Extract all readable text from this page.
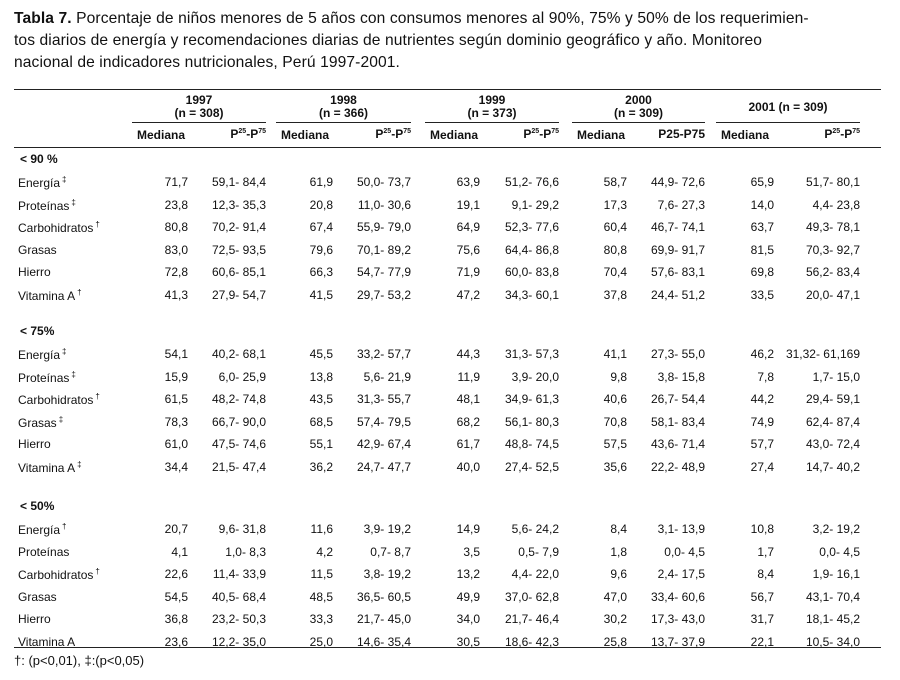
Tabla 7. Porcentaje de niños menores de 5 años con consumos menores al 90%, 75% y 50% de los requerimien-
tos diarios de energía y recomendaciones diarias de nutrientes según dominio geográfico y año. Monitoreo
nacional de indicadores nutricionales, Perú 1997-2001.
1997
(n = 308)
Mediana	$P^{25}-P^{75}$
1998
(n = 366)
Mediana	$P^{25}-P^{75}$
1999
(n = 373)
Mediana	$P^{25}-P^{75}$
2000
(n = 309)
Mediana	P25-P75
2001 (n = 309)
Mediana	$P^{25}-P^{75}$
< 90 %
Energía ‡	71,7 59,1- 84,4	61,9 50,0- 73,7	63,9 51,2- 76,6	58,7 44,9- 72,6	65,9	51,7- 80,1
Proteínas ‡	23,8 12,3- 35,3	20,8 11,0- 30,6	19,1	9,1- 29,2	17,3	7,6- 27,3	14,0	4,4- 23,8
Carbohidratos †	80,8 70,2- 91,4	67,4 55,9- 79,0	64,9 52,3- 77,6	60,4 46,7- 74,1	63,7	49,3- 78,1
Grasas	83,0 72,5- 93,5	79,6 70,1- 89,2	75,6 64,4- 86,8	80,8 69,9- 91,7	81,5	70,3- 92,7
Hierro	72,8 60,6- 85,1	66,3 54,7- 77,9	71,9 60,0- 83,8	70,4 57,6- 83,1	69,8	56,2- 83,4
Vitamina A †	41,3 27,9- 54,7	41,5 29,7- 53,2	47,2 34,3- 60,1	37,8 24,4- 51,2	33,5	20,0- 47,1
< 75%
Energía ‡	54,1 40,2- 68,1	45,5 33,2- 57,7	44,3 31,3- 57,3	41,1 27,3- 55,0	46,2 31,32- 61,169
Proteínas ‡	15,9	6,0- 25,9	13,8	5,6- 21,9	11,9	3,9- 20,0	9,8	3,8- 15,8	7,8	1,7- 15,0
Carbohidratos †	61,5 48,2- 74,8	43,5 31,3- 55,7	48,1 34,9- 61,3	40,6 26,7- 54,4	44,2	29,4- 59,1
Grasas ‡	78,3 66,7- 90,0	68,5 57,4- 79,5	68,2 56,1- 80,3	70,8 58,1- 83,4	74,9	62,4- 87,4
Hierro	61,0 47,5- 74,6	55,1 42,9- 67,4	61,7 48,8- 74,5	57,5 43,6- 71,4	57,7	43,0- 72,4
Vitamina A ‡	34,4 21,5- 47,4	36,2 24,7- 47,7	40,0 27,4- 52,5	35,6 22,2- 48,9	27,4	14,7- 40,2
< 50%
Energía †	20,7	9,6- 31,8	11,6	3,9- 19,2	14,9	5,6- 24,2	8,4	3,1- 13,9	10,8	3,2- 19,2
Proteínas	4,1	1,0- 8,3	4,2	0,7- 8,7	3,5	0,5- 7,9	1,8	0,0- 4,5	1,7	0,0- 4,5
Carbohidratos †	22,6 11,4- 33,9	11,5	3,8- 19,2	13,2	4,4- 22,0	9,6	2,4- 17,5	8,4	1,9- 16,1
Grasas	54,5 40,5- 68,4	48,5 36,5- 60,5	49,9 37,0- 62,8	47,0 33,4- 60,6	56,7	43,1- 70,4
Hierro	36,8 23,2- 50,3	33,3 21,7- 45,0	34,0 21,7- 46,4	30,2 17,3- 43,0	31,7	18,1- 45,2
Vitamina A	23,6 12,2- 35,0	25,0 14,6- 35,4	30,5 18,6- 42,3	25,8 13,7- 37,9	22,1	10,5- 34,0
†: (p<0,01), ‡:(p<0,05)
